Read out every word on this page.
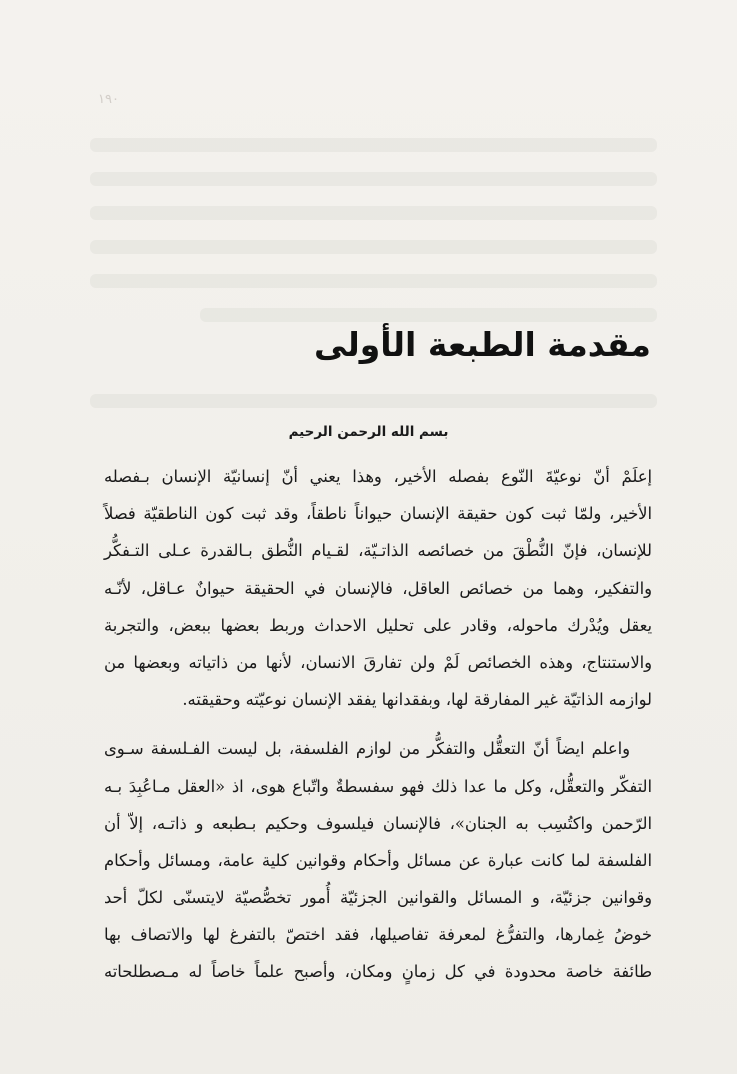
۱۹۰
مقدمة الطبعة الأولى
بسم الله الرحمن الرحيم
إعلَمْ أنّ نوعيّةَ النّوع بفصله الأخير، وهذا يعني أنّ إنسانيّة الإنسان بـفصله
الأخير، ولمّا ثبت كون حقيقة الإنسان حيواناً ناطقاً، وقد ثبت كون الناطقيّة فصلاً
للإنسان، فإنّ النُّطْقَ من خصائصه الذاتـيّة، لقـيام النُّطق بـالقدرة عـلى التـفكُّر
والتفكير، وهما من خصائص العاقل، فالإنسان في الحقيقة حيوانٌ عـاقل، لأنّـه
يعقل ويُدْرك ماحوله، وقادر على تحليل الاحداث وربط بعضها ببعض، والتجربة
والاستنتاج، وهذه الخصائص لَمْ ولن تفارقَ الانسان، لأنها من ذاتياته وبعضها من
لوازمه الذاتيّة غير المفارقة لها، وبفقدانها يفقد الإنسان نوعيّته وحقيقته.
واعلم ايضاً أنّ التعقُّل والتفكُّر من لوازم الفلسفة، بل ليست الفـلسفة سـوى
التفكّر والتعقُّل، وكل ما عدا ذلك فهو سفسطةٌ واتّباع هوى، اذ «العقل مـاعُبِدَ بـه
الرّحمن واكتُسِب به الجنان»، فالإنسان فيلسوف وحكيم بـطبعه و ذاتـه، إلاّ أن
الفلسفة لما كانت عبارة عن مسائل وأحكام وقوانين كلية عامة، ومسائل وأحكام
وقوانين جزئيّة، و المسائل والقوانين الجزئيّة أُمور تخصُّصيّة لايتسنّى لكلّ أحد
خوضُ غِمارها، والتفرُّغ لمعرفة تفاصيلها، فقد اختصّ بالتفرغ لها والاتصاف بها
طائفة خاصة محدودة في كل زمانٍ ومكان، وأصبح علماً خاصاً له مـصطلحاته
